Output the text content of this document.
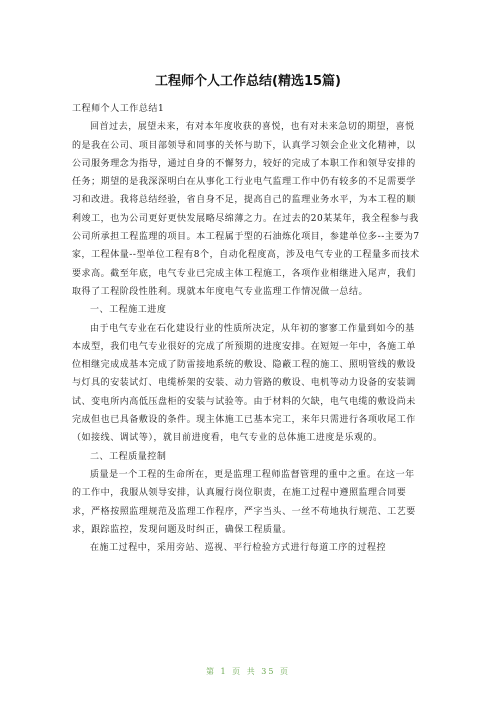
工程师个人工作总结(精选15篇)

工程师个人工作总结1

回首过去，展望未来，有对本年度收获的喜悦，也有对未来急切的期望，喜悦的是我在公司、项目部领导和同事的关怀与助下，认真学习领会企业文化精神，以公司服务理念为指导，通过自身的不懈努力，较好的完成了本职工作和领导安排的任务；期望的是我深深明白在从事化工行业电气监理工作中仍有较多的不足需要学习和改进。我将总结经验，省自身不足，提高自己的监理业务水平，为本工程的顺利竣工，也为公司更好更快发展略尽绵薄之力。在过去的20某某年，我全程参与我公司所承担工程监理的项目。本工程属于型的石油炼化项目，参建单位多--主要为7家，工程体量--型单位工程有8个，自动化程度高，涉及电气专业的工程量多而技术要求高。截至年底，电气专业已完成主体工程施工，各项作业相继进入尾声，我们取得了工程阶段性胜利。现就本年度电气专业监理工作情况做一总结。

一、工程施工进度

由于电气专业在石化建设行业的性质所决定，从年初的寥寥工作量到如今的基本成型，我们电气专业很好的完成了所预期的进度安排。在短短一年中，各施工单位相继完成成基本完成了防雷接地系统的敷设、隐蔽工程的施工、照明管线的敷设与灯具的安装试灯、电缆桥架的安装、动力管路的敷设、电机等动力设备的安装调试、变电所内高低压盘柜的安装与试验等。由于材料的欠缺，电气电缆的敷设尚未完成但也已具备敷设的条件。现主体施工已基本完工，来年只需进行各项收尾工作（如接线、调试等），就目前进度看，电气专业的总体施工进度是乐观的。

二、工程质量控制

质量是一个工程的生命所在，更是监理工程师监督管理的重中之重。在这一年的工作中，我服从领导安排，认真履行岗位职责，在施工过程中遵照监理合同要求，严格按照监理规范及监理工作程序，严字当头、一丝不苟地执行规范、工艺要求，跟踪监控，发现问题及时纠正，确保工程质量。

在施工过程中，采用旁站、巡视、平行检验方式进行每道工序的过程控

第 1 页 共 35 页
